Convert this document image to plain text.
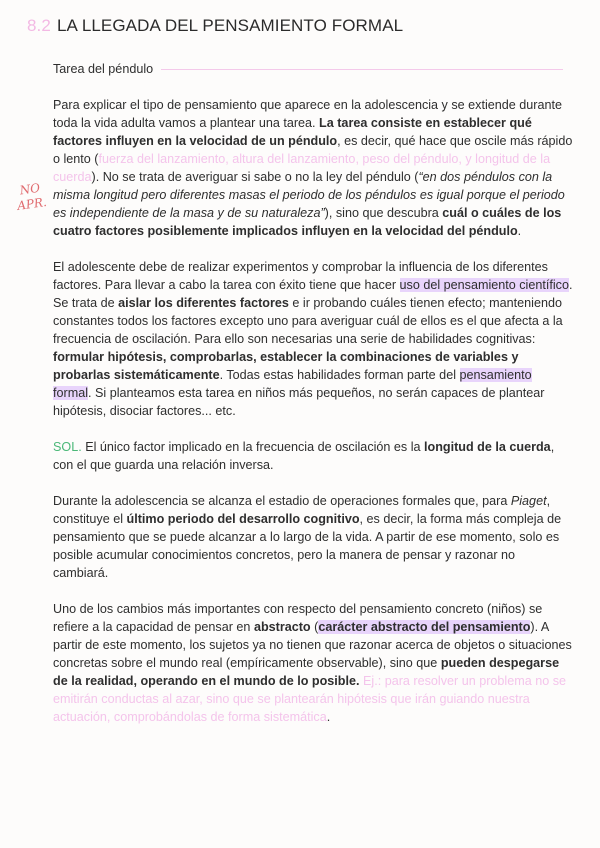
8.2 LA LLEGADA DEL PENSAMIENTO FORMAL
Tarea del péndulo
NO
APR.

Para explicar el tipo de pensamiento que aparece en la adolescencia y se extiende durante toda la vida adulta vamos a plantear una tarea. La tarea consiste en establecer qué factores influyen en la velocidad de un péndulo, es decir, qué hace que oscile más rápido o lento (fuerza del lanzamiento, altura del lanzamiento, peso del péndulo, y longitud de la cuerda). No se trata de averiguar si sabe o no la ley del péndulo (“en dos péndulos con la misma longitud pero diferentes masas el periodo de los péndulos es igual porque el periodo es independiente de la masa y de su naturaleza”), sino que descubra cuál o cuáles de los cuatro factores posiblemente implicados influyen en la velocidad del péndulo.

El adolescente debe de realizar experimentos y comprobar la influencia de los diferentes factores. Para llevar a cabo la tarea con éxito tiene que hacer uso del pensamiento científico. Se trata de aislar los diferentes factores e ir probando cuáles tienen efecto; manteniendo constantes todos los factores excepto uno para averiguar cuál de ellos es el que afecta a la frecuencia de oscilación. Para ello son necesarias una serie de habilidades cognitivas: formular hipótesis, comprobarlas, establecer la combinaciones de variables y probarlas sistemáticamente. Todas estas habilidades forman parte del pensamiento formal. Si planteamos esta tarea en niños más pequeños, no serán capaces de plantear hipótesis, disociar factores... etc.

SOL. El único factor implicado en la frecuencia de oscilación es la longitud de la cuerda, con el que guarda una relación inversa.

Durante la adolescencia se alcanza el estadio de operaciones formales que, para Piaget, constituye el último periodo del desarrollo cognitivo, es decir, la forma más compleja de pensamiento que se puede alcanzar a lo largo de la vida. A partir de ese momento, solo es posible acumular conocimientos concretos, pero la manera de pensar y razonar no cambiará.

Uno de los cambios más importantes con respecto del pensamiento concreto (niños) se refiere a la capacidad de pensar en abstracto (carácter abstracto del pensamiento). A partir de este momento, los sujetos ya no tienen que razonar acerca de objetos o situaciones concretas sobre el mundo real (empíricamente observable), sino que pueden despegarse de la realidad, operando en el mundo de lo posible. Ej.: para resolver un problema no se emitirán conductas al azar, sino que se plantearán hipótesis que irán guiando nuestra actuación, comprobándolas de forma sistemática.
